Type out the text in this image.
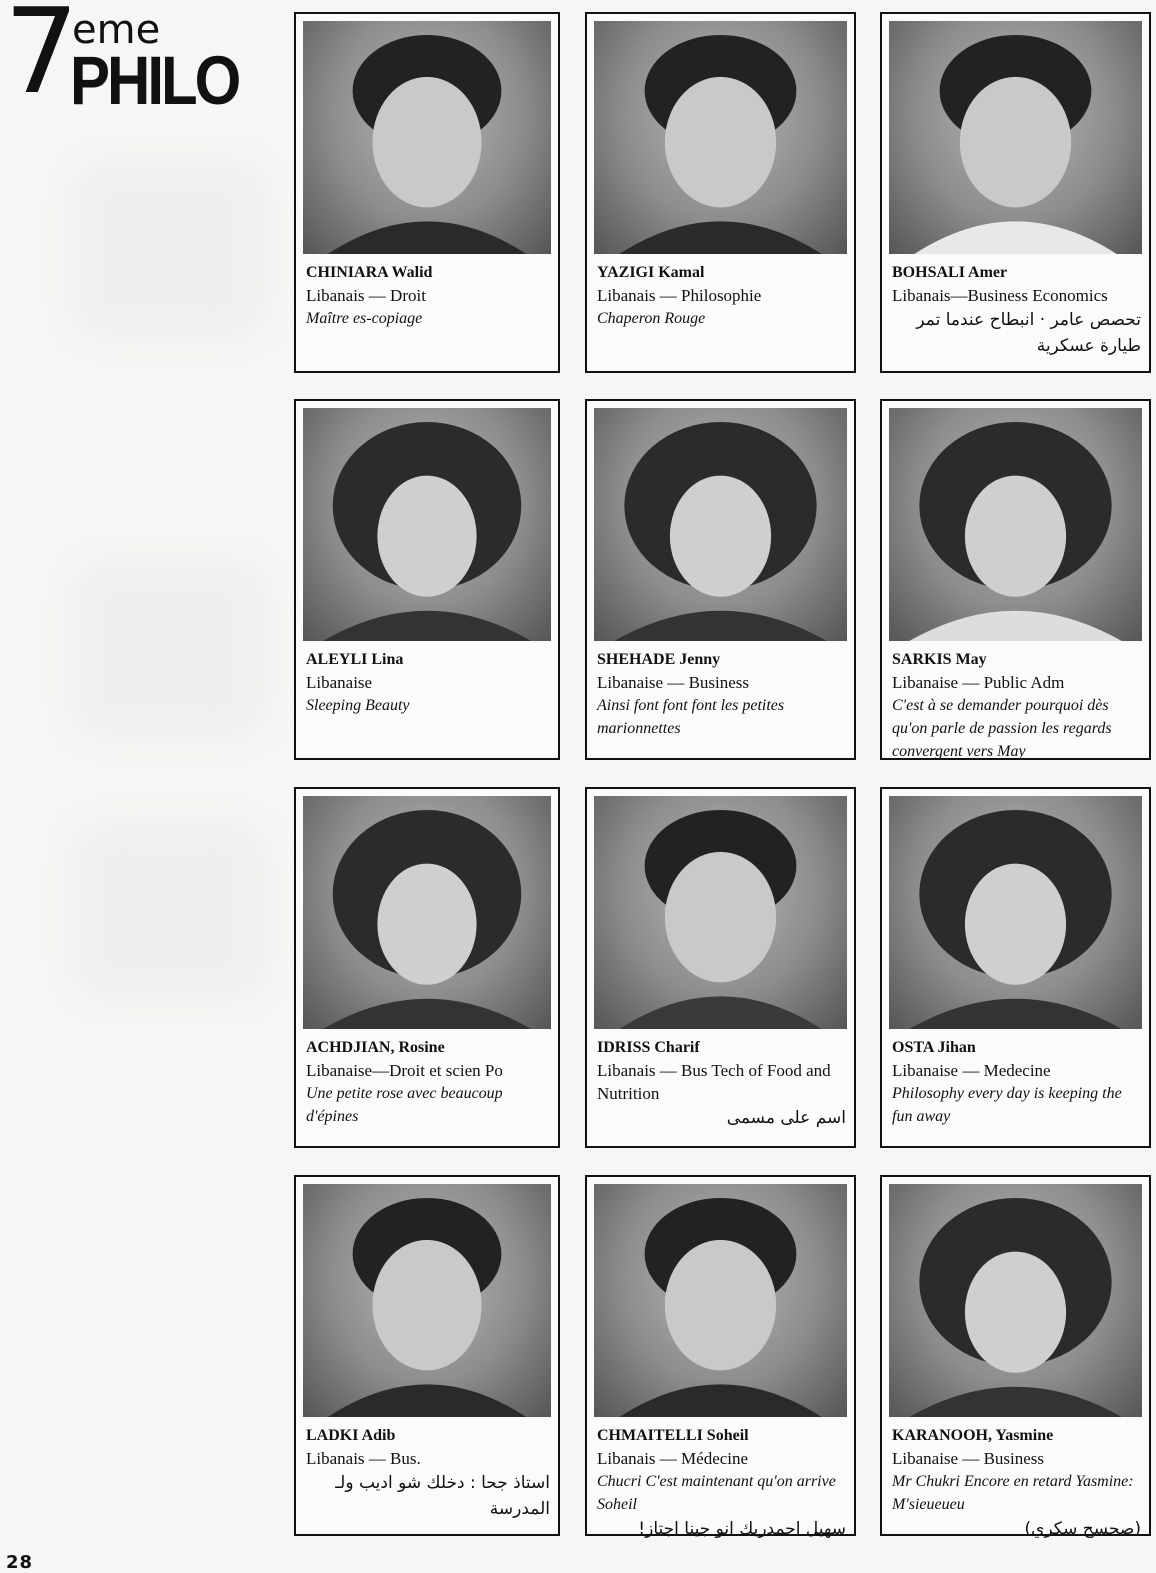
7
eme
PHILO
CHINIARA Walid
Libanais — Droit
Maître es-copiage
YAZIGI Kamal
Libanais — Philosophie
Chaperon Rouge
BOHSALI Amer
Libanais—Business Economics
تحصص عامر · انبطاح عندما تمر طيارة عسكرية
ALEYLI Lina
Libanaise
Sleeping Beauty
SHEHADE Jenny
Libanaise — Business
Ainsi font font font les petites marionnettes
SARKIS May
Libanaise — Public Adm
C'est à se demander pourquoi dès qu'on parle de passion les regards convergent vers May
ACHDJIAN, Rosine
Libanaise—Droit et scien Po
Une petite rose avec beaucoup d'épines
IDRISS Charif
Libanais — Bus Tech of Food and Nutrition
اسم على مسمى
OSTA Jihan
Libanaise — Medecine
Philosophy every day is keeping the fun away
LADKI Adib
Libanais — Bus.
استاذ جحا : دخلك شو اديب ولـ المدرسة
CHMAITELLI Soheil
Libanais — Médecine
Chucri C'est maintenant qu'on arrive Soheil
سهيل احمدربك انو جينا اجتاز!
KARANOOH, Yasmine
Libanaise — Business
Mr Chukri Encore en retard Yasmine: M'sieueueu
(صحسح سكري)
28
